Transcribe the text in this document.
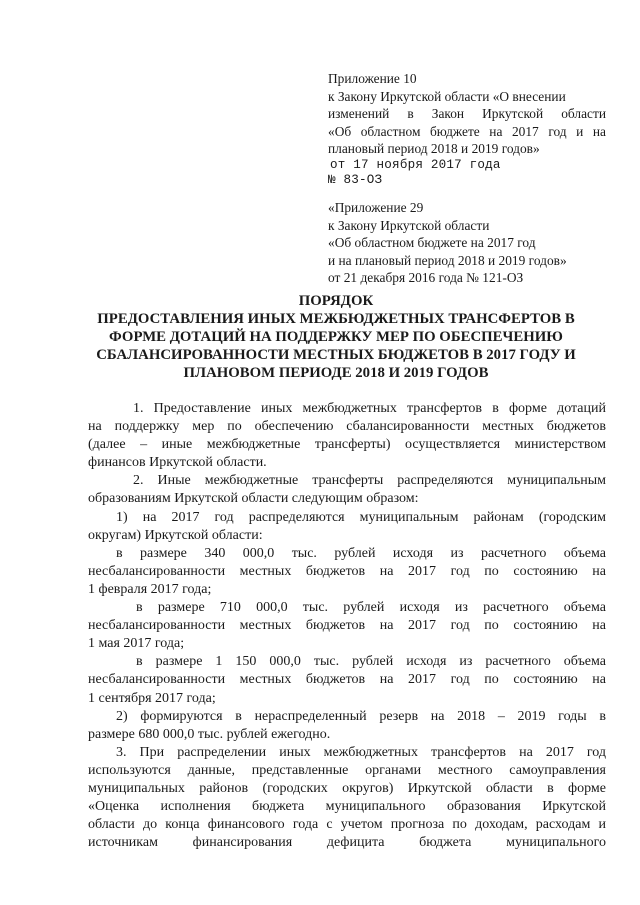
Приложение 10
к Закону Иркутской области «О внесении
изменений в Закон Иркутской области
«Об областном бюджете на 2017 год и на
плановый период 2018 и 2019 годов»
от 17 ноября 2017 года
№ 83-ОЗ
«Приложение 29
к Закону Иркутской области
«Об областном бюджете на 2017 год
и на плановый период 2018 и 2019 годов»
от 21 декабря 2016 года № 121-ОЗ
ПОРЯДОК
ПРЕДОСТАВЛЕНИЯ ИНЫХ МЕЖБЮДЖЕТНЫХ ТРАНСФЕРТОВ В
ФОРМЕ ДОТАЦИЙ НА ПОДДЕРЖКУ МЕР ПО ОБЕСПЕЧЕНИЮ
СБАЛАНСИРОВАННОСТИ МЕСТНЫХ БЮДЖЕТОВ В 2017 ГОДУ И
ПЛАНОВОМ ПЕРИОДЕ 2018 И 2019 ГОДОВ
1. Предоставление иных межбюджетных трансфертов в форме дотаций
на поддержку мер по обеспечению сбалансированности местных бюджетов
(далее – иные межбюджетные трансферты) осуществляется министерством
финансов Иркутской области.
2. Иные межбюджетные трансферты распределяются муниципальным
образованиям Иркутской области следующим образом:
1) на 2017 год распределяются муниципальным районам (городским
округам) Иркутской области:
в размере 340 000,0 тыс. рублей исходя из расчетного объема
несбалансированности местных бюджетов на 2017 год по состоянию на
1 февраля 2017 года;
в размере 710 000,0 тыс. рублей исходя из расчетного объема
несбалансированности местных бюджетов на 2017 год по состоянию на
1 мая 2017 года;
в размере 1 150 000,0 тыс. рублей исходя из расчетного объема
несбалансированности местных бюджетов на 2017 год по состоянию на
1 сентября 2017 года;
2) формируются в нераспределенный резерв на 2018 – 2019 годы в
размере 680 000,0 тыс. рублей ежегодно.
3. При распределении иных межбюджетных трансфертов на 2017 год
используются данные, представленные органами местного самоуправления
муниципальных районов (городских округов) Иркутской области в форме
«Оценка исполнения бюджета муниципального образования Иркутской
области до конца финансового года с учетом прогноза по доходам, расходам и
источникам финансирования дефицита бюджета муниципального
